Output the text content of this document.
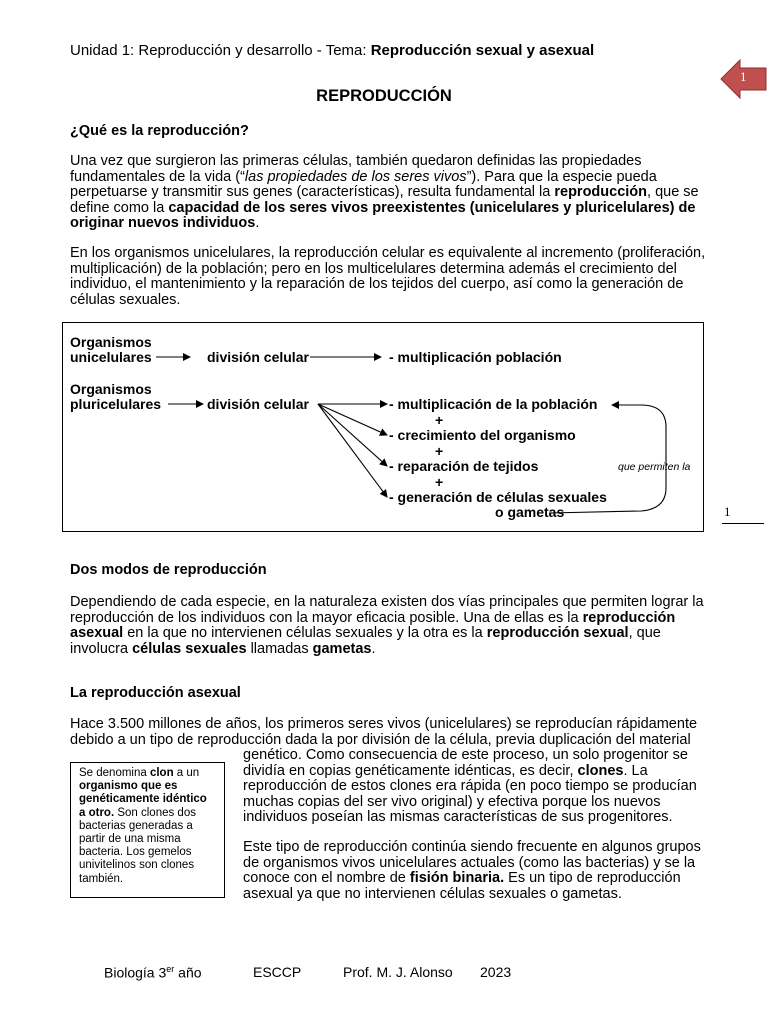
Unidad 1: Reproducción y desarrollo - Tema: Reproducción sexual y asexual
1
REPRODUCCIÓN
¿Qué es la reproducción?
Una vez que surgieron las primeras células, también quedaron definidas las propiedades fundamentales de la vida (“las propiedades de los seres vivos”). Para que la especie pueda perpetuarse y transmitir sus genes (características), resulta fundamental la reproducción, que se define como la capacidad de los seres vivos preexistentes (unicelulares y pluricelulares) de originar nuevos individuos.
En los organismos unicelulares, la reproducción celular es equivalente al incremento (proliferación, multiplicación) de la población; pero en los multicelulares determina además el crecimiento del individuo, el mantenimiento y la reparación de los tejidos del cuerpo, así como la generación de células sexuales.
Organismos
unicelulares	división celular	- multiplicación población
Organismos
pluricelulares	división celular	- multiplicación de la población
+
- crecimiento del organismo
+
- reparación de tejidos
+
- generación de células sexuales
o gametas
que permiten la
1
Dos modos de reproducción
Dependiendo de cada especie, en la naturaleza existen dos vías principales que permiten lograr la reproducción de los individuos con la mayor eficacia posible. Una de ellas es la reproducción asexual en la que no intervienen células sexuales y la otra es la reproducción sexual, que involucra células sexuales llamadas gametas.
La reproducción asexual
Hace 3.500 millones de años, los primeros seres vivos (unicelulares) se reproducían rápidamente debido a un tipo de reproducción dada la por división de la célula, previa duplicación del material
genético. Como consecuencia de este proceso, un solo progenitor se dividía en copias genéticamente idénticas, es decir, clones. La reproducción de estos clones era rápida (en poco tiempo se producían muchas copias del ser vivo original) y efectiva porque los nuevos individuos poseían las mismas características de sus progenitores.
Este tipo de reproducción continúa siendo frecuente en algunos grupos de organismos vivos unicelulares actuales (como las bacterias) y se la conoce con el nombre de fisión binaria. Es un tipo de reproducción asexual ya que no intervienen células sexuales o gametas.
Se denomina clon a un organismo que es genéticamente idéntico a otro. Son clones dos bacterias generadas a partir de una misma bacteria. Los gemelos univitelinos son clones también.
Biología 3er año	ESCCP	Prof. M. J. Alonso 2023
